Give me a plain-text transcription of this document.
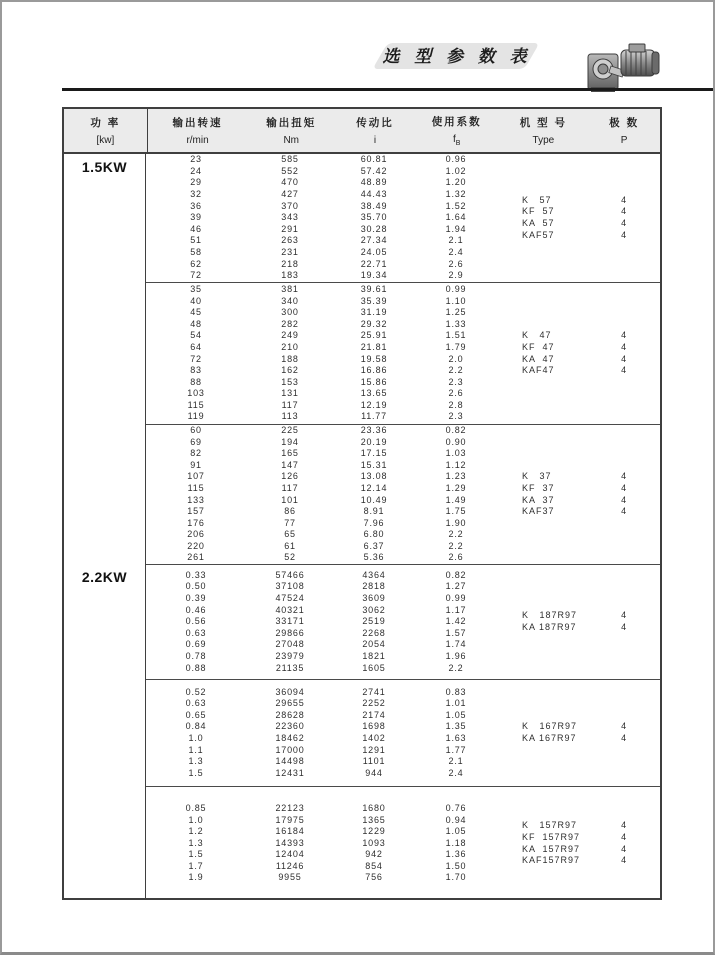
选 型 参 数 表
功 率
[kw]
输出转速
r/min
输出扭矩
Nm
传动比
i
使用系数
$f_B$
机 型 号
Type
极 数
P
1.5KW	23
24
29
32
36
39
46
51
58
62
72
585
552
470
427
370
343
291
263
231
218
183
60.81
57.42
48.89
44.43
38.49
35.70
30.28
27.34
24.05
22.71
19.34
0.96
1.02
1.20
1.32
1.52
1.64
1.94
2.1
2.4
2.6
2.9
K   57
KF  57
KA  57
KAF57
4
4
4
4
35
40
45
48
54
64
72
83
88
103
115
119
381
340
300
282
249
210
188
162
153
131
117
113
39.61
35.39
31.19
29.32
25.91
21.81
19.58
16.86
15.86
13.65
12.19
11.77
0.99
1.10
1.25
1.33
1.51
1.79
2.0
2.2
2.3
2.6
2.8
2.3
K   47
KF  47
KA  47
KAF47
4
4
4
4
60
69
82
91
107
115
133
157
176
206
220
261
225
194
165
147
126
117
101
86
77
65
61
52
23.36
20.19
17.15
15.31
13.08
12.14
10.49
8.91
7.96
6.80
6.37
5.36
0.82
0.90
1.03
1.12
1.23
1.29
1.49
1.75
1.90
2.2
2.2
2.6
K   37
KF  37
KA  37
KAF37
4
4
4
4
2.2KW	0.33
0.50
0.39
0.46
0.56
0.63
0.69
0.78
0.88
57466
37108
47524
40321
33171
29866
27048
23979
21135
4364
2818
3609
3062
2519
2268
2054
1821
1605
0.82
1.27
0.99
1.17
1.42
1.57
1.74
1.96
2.2
K   187R97
KA 187R97
4
4
0.52
0.63
0.65
0.84
1.0
1.1
1.3
1.5
36094
29655
28628
22360
18462
17000
14498
12431
2741
2252
2174
1698
1402
1291
1101
944
0.83
1.01
1.05
1.35
1.63
1.77
2.1
2.4
K   167R97
KA 167R97
4
4
0.85
1.0
1.2
1.3
1.5
1.7
1.9
22123
17975
16184
14393
12404
11246
9955
1680
1365
1229
1093
942
854
756
0.76
0.94
1.05
1.18
1.36
1.50
1.70
K   157R97
KF  157R97
KA  157R97
KAF157R97
4
4
4
4
